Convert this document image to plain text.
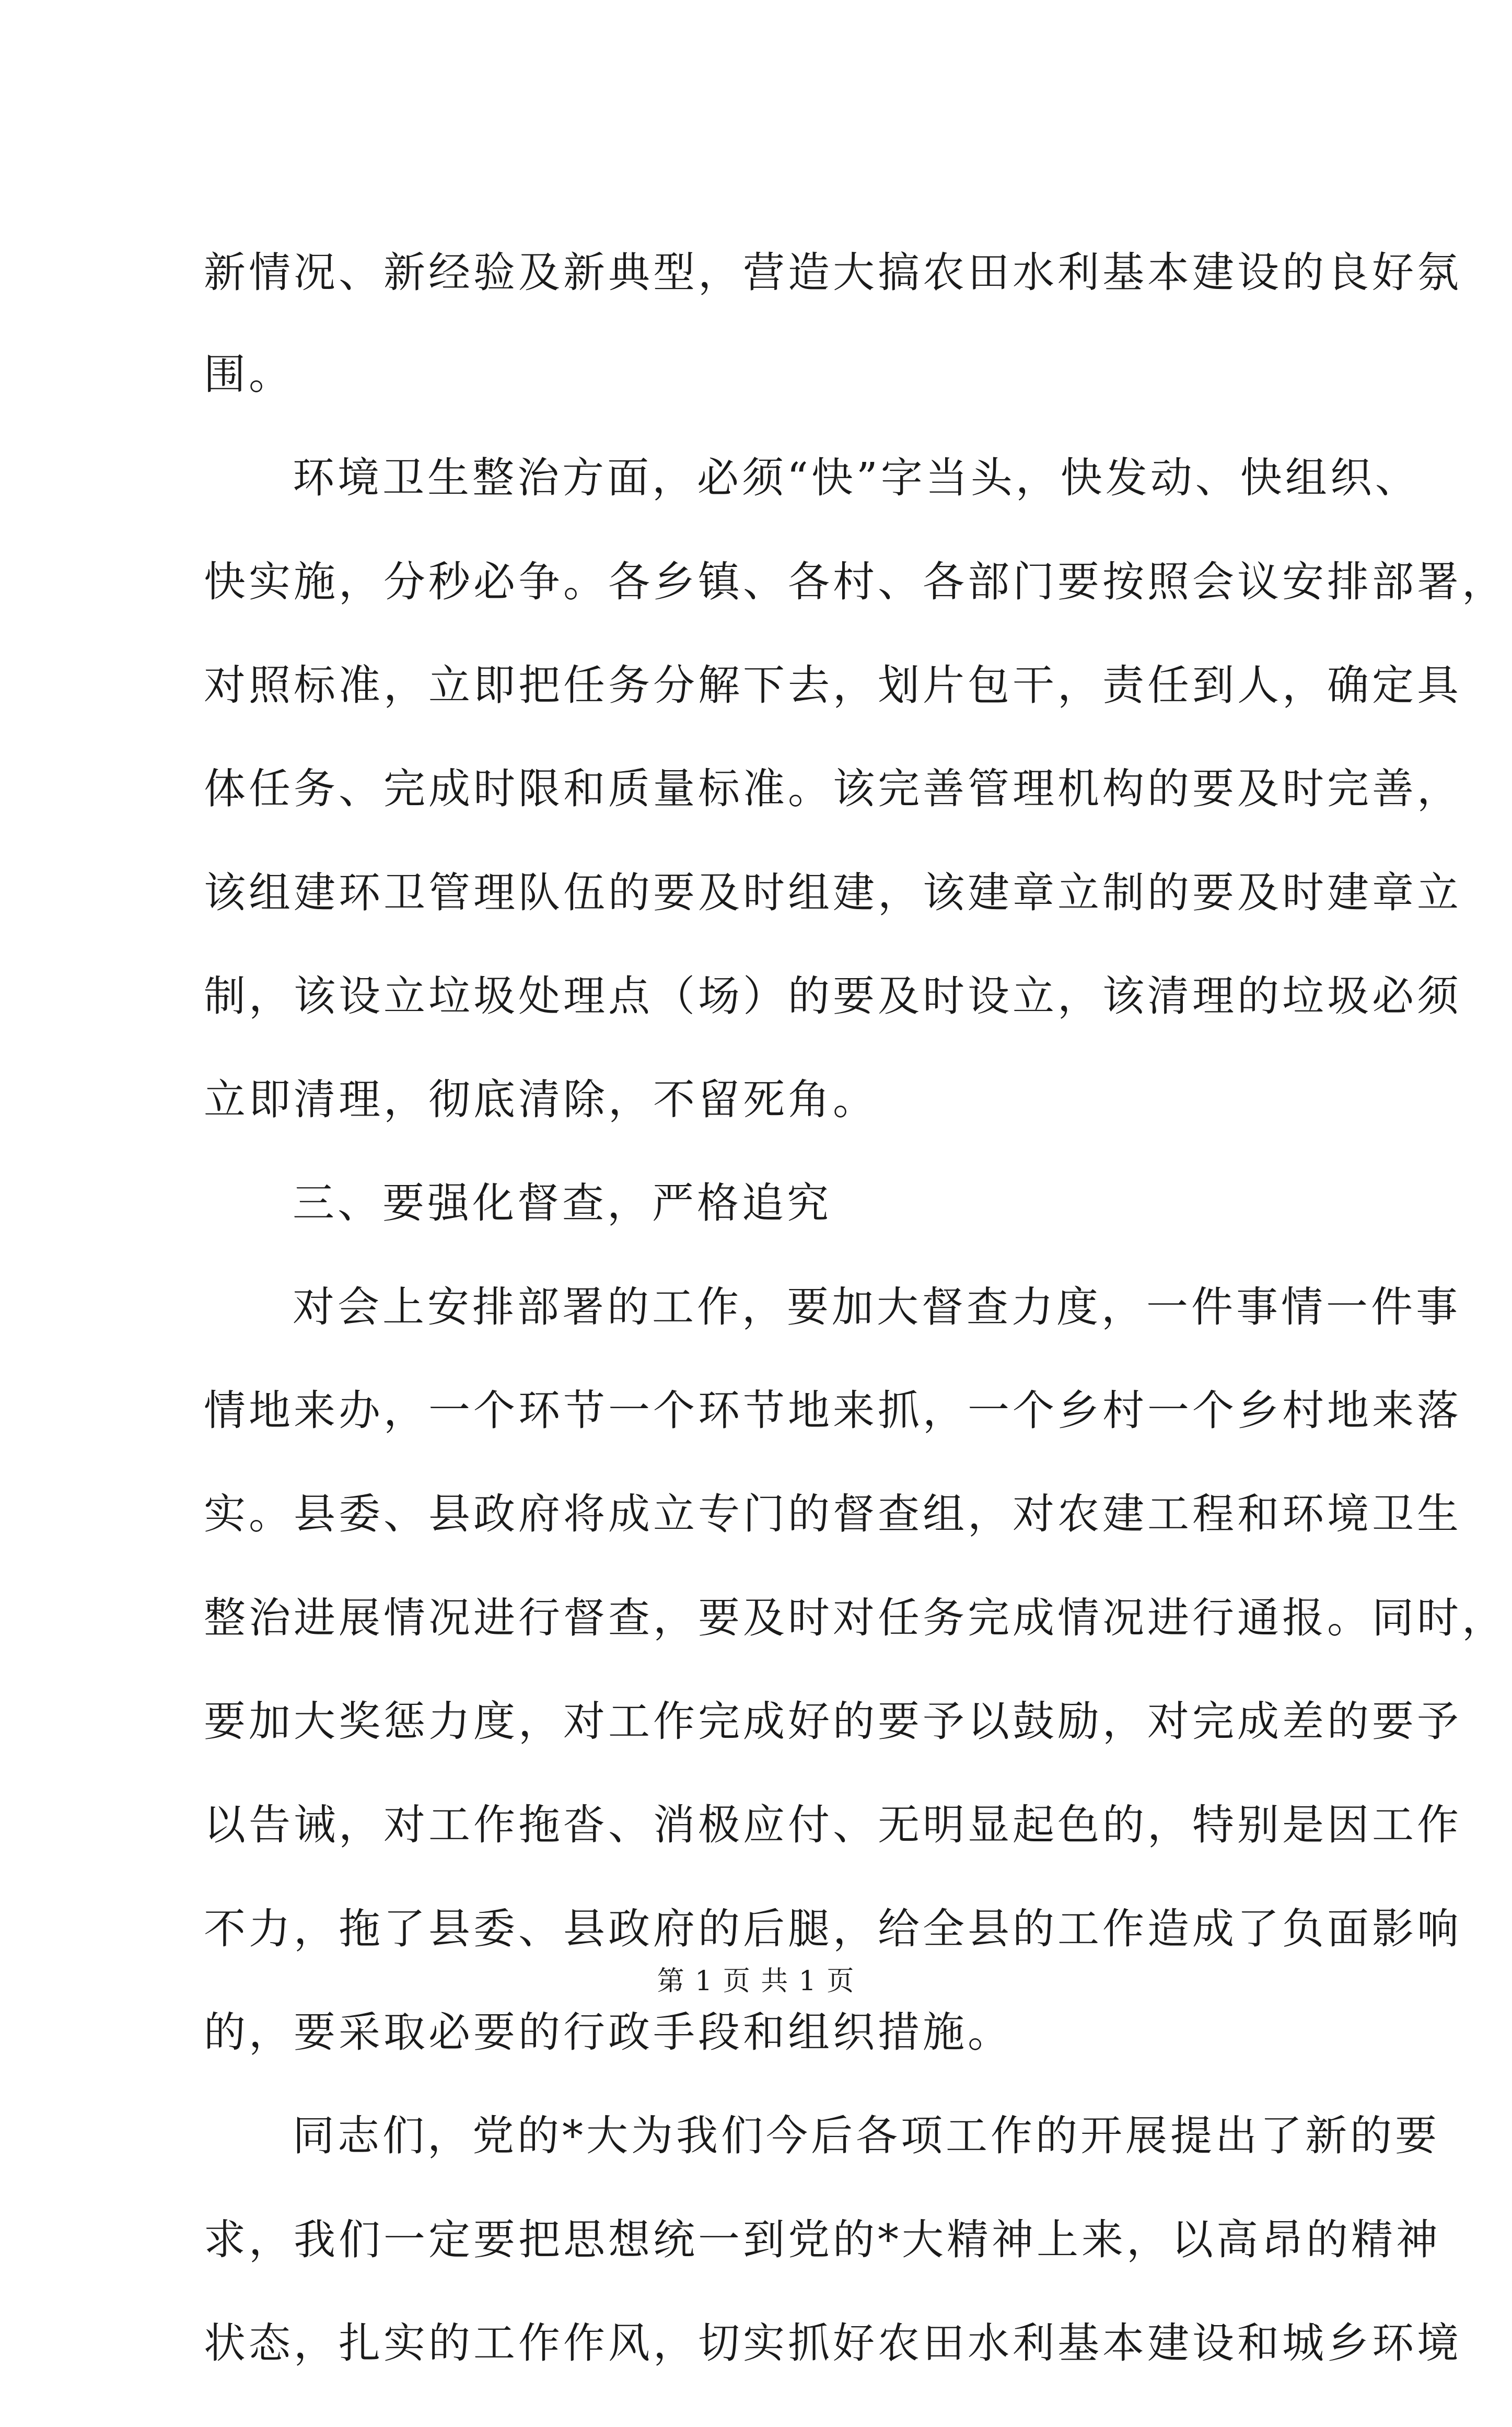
新情况、新经验及新典型，营造大搞农田水利基本建设的良好氛
围。
环境卫生整治方面，必须“快”字当头，快发动、快组织、
快实施，分秒必争。各乡镇、各村、各部门要按照会议安排部署，
对照标准，立即把任务分解下去，划片包干，责任到人，确定具
体任务、完成时限和质量标准。该完善管理机构的要及时完善，
该组建环卫管理队伍的要及时组建，该建章立制的要及时建章立
制，该设立垃圾处理点（场）的要及时设立，该清理的垃圾必须
立即清理，彻底清除，不留死角。
三、要强化督查，严格追究
对会上安排部署的工作，要加大督查力度，一件事情一件事
情地来办，一个环节一个环节地来抓，一个乡村一个乡村地来落
实。县委、县政府将成立专门的督查组，对农建工程和环境卫生
整治进展情况进行督查，要及时对任务完成情况进行通报。同时，
要加大奖惩力度，对工作完成好的要予以鼓励，对完成差的要予
以告诫，对工作拖沓、消极应付、无明显起色的，特别是因工作
不力，拖了县委、县政府的后腿，给全县的工作造成了负面影响
的，要采取必要的行政手段和组织措施。
同志们，党的*大为我们今后各项工作的开展提出了新的要
求，我们一定要把思想统一到党的*大精神上来，以高昂的精神
状态，扎实的工作作风，切实抓好农田水利基本建设和城乡环境
第 1 页 共 1 页
